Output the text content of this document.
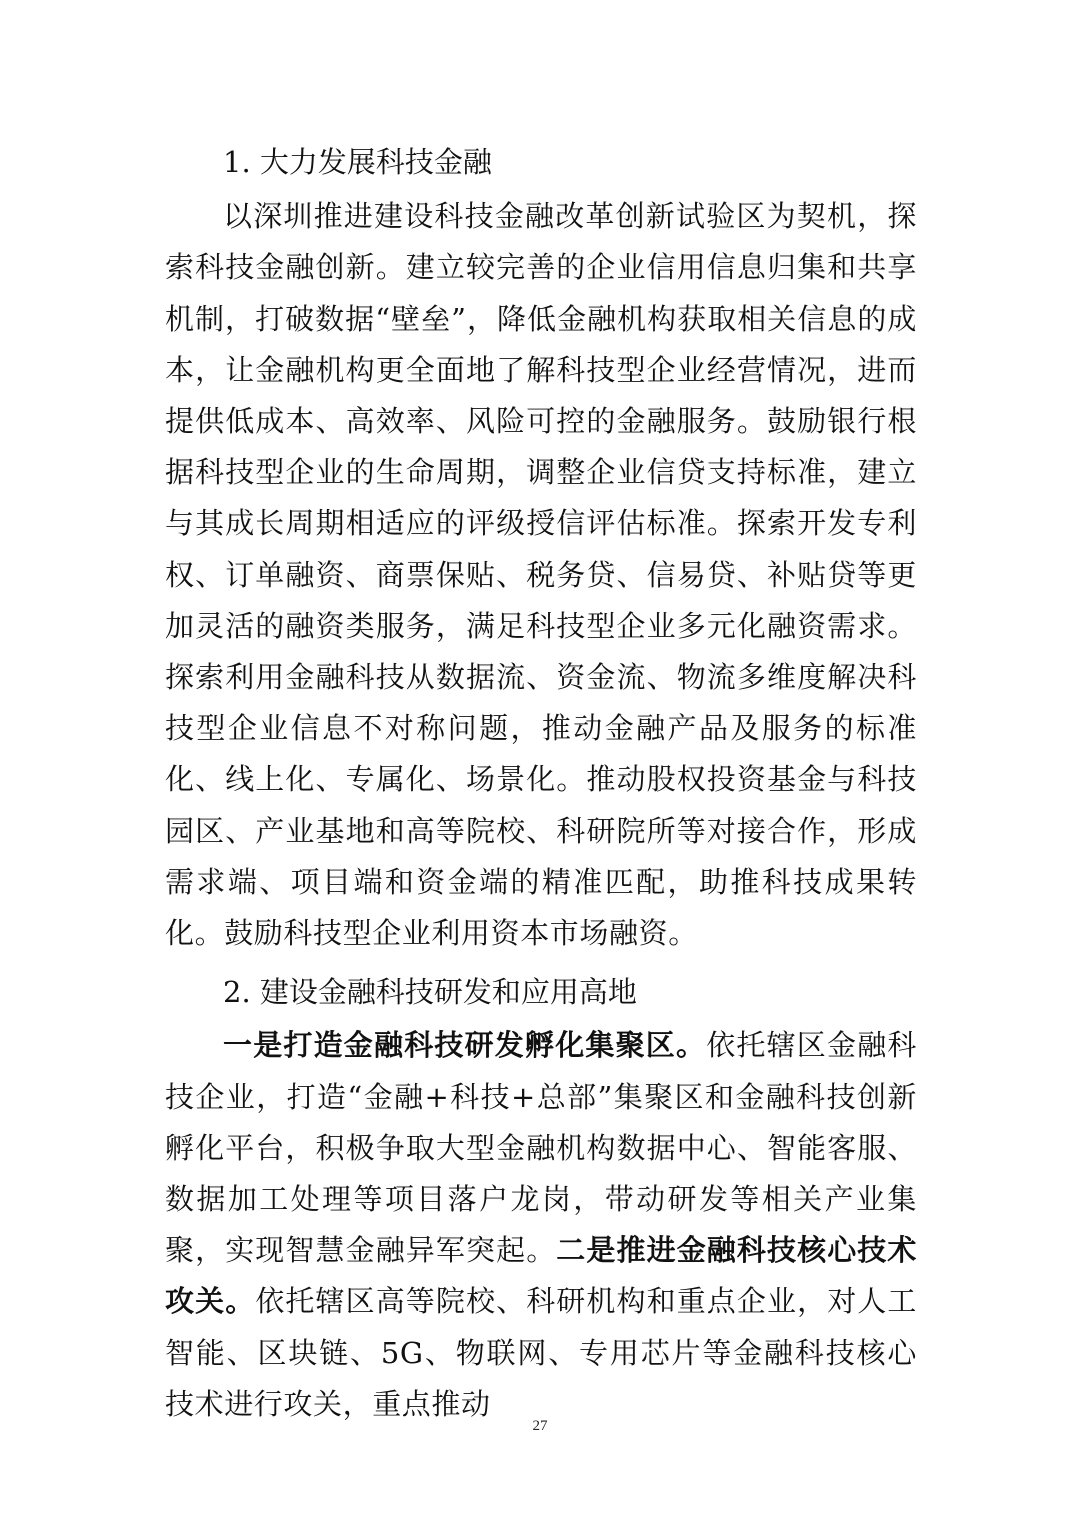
1. 大力发展科技金融

以深圳推进建设科技金融改革创新试验区为契机，探索科技金融创新。建立较完善的企业信用信息归集和共享机制，打破数据“壁垒”，降低金融机构获取相关信息的成本，让金融机构更全面地了解科技型企业经营情况，进而提供低成本、高效率、风险可控的金融服务。鼓励银行根据科技型企业的生命周期，调整企业信贷支持标准，建立与其成长周期相适应的评级授信评估标准。探索开发专利权、订单融资、商票保贴、税务贷、信易贷、补贴贷等更加灵活的融资类服务，满足科技型企业多元化融资需求。探索利用金融科技从数据流、资金流、物流多维度解决科技型企业信息不对称问题，推动金融产品及服务的标准化、线上化、专属化、场景化。推动股权投资基金与科技园区、产业基地和高等院校、科研院所等对接合作，形成需求端、项目端和资金端的精准匹配，助推科技成果转化。鼓励科技型企业利用资本市场融资。

2. 建设金融科技研发和应用高地

一是打造金融科技研发孵化集聚区。依托辖区金融科技企业，打造“金融+科技+总部”集聚区和金融科技创新孵化平台，积极争取大型金融机构数据中心、智能客服、数据加工处理等项目落户龙岗，带动研发等相关产业集聚，实现智慧金融异军突起。二是推进金融科技核心技术攻关。依托辖区高等院校、科研机构和重点企业，对人工智能、区块链、5G、物联网、专用芯片等金融科技核心技术进行攻关，重点推动

27
